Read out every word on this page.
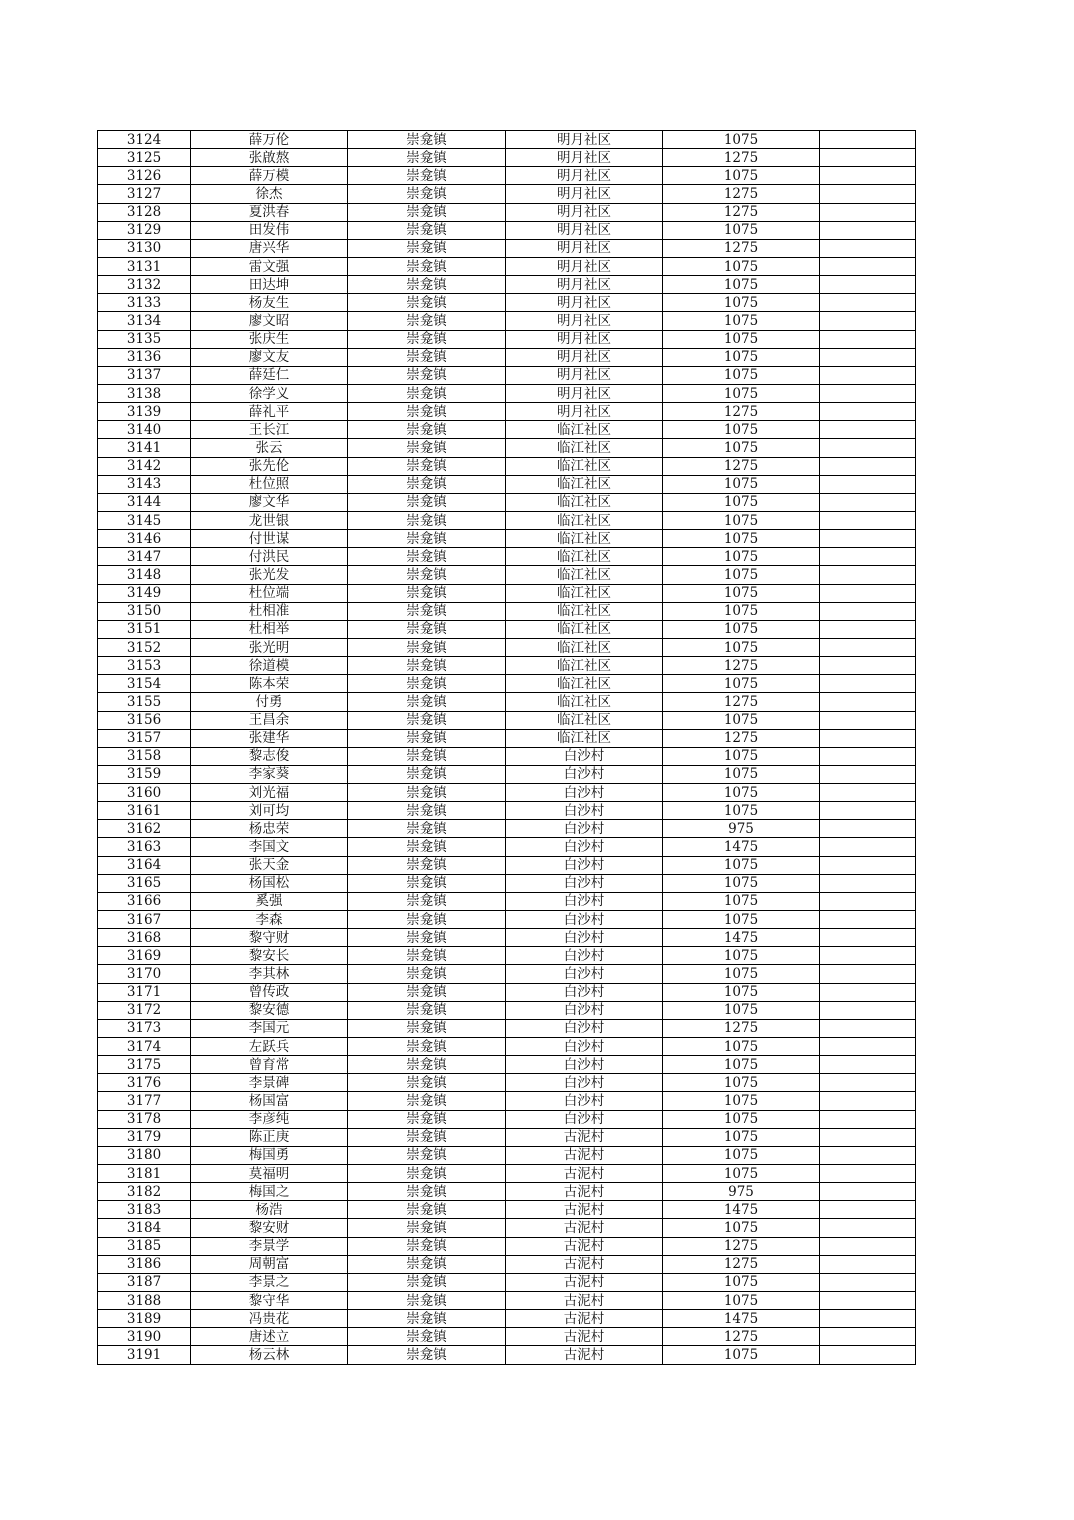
3124	薛万伦	崇龛镇	明月社区	1075	
3125	张啟熬	崇龛镇	明月社区	1275	
3126	薛万模	崇龛镇	明月社区	1075	
3127	徐杰	崇龛镇	明月社区	1275	
3128	夏洪春	崇龛镇	明月社区	1275	
3129	田发伟	崇龛镇	明月社区	1075	
3130	唐兴华	崇龛镇	明月社区	1275	
3131	雷文强	崇龛镇	明月社区	1075	
3132	田达坤	崇龛镇	明月社区	1075	
3133	杨友生	崇龛镇	明月社区	1075	
3134	廖文昭	崇龛镇	明月社区	1075	
3135	张庆生	崇龛镇	明月社区	1075	
3136	廖文友	崇龛镇	明月社区	1075	
3137	薛廷仁	崇龛镇	明月社区	1075	
3138	徐学义	崇龛镇	明月社区	1075	
3139	薛礼平	崇龛镇	明月社区	1275	
3140	王长江	崇龛镇	临江社区	1075	
3141	张云	崇龛镇	临江社区	1075	
3142	张先伦	崇龛镇	临江社区	1275	
3143	杜位照	崇龛镇	临江社区	1075	
3144	廖文华	崇龛镇	临江社区	1075	
3145	龙世银	崇龛镇	临江社区	1075	
3146	付世谋	崇龛镇	临江社区	1075	
3147	付洪民	崇龛镇	临江社区	1075	
3148	张光发	崇龛镇	临江社区	1075	
3149	杜位端	崇龛镇	临江社区	1075	
3150	杜相准	崇龛镇	临江社区	1075	
3151	杜相举	崇龛镇	临江社区	1075	
3152	张光明	崇龛镇	临江社区	1075	
3153	徐道模	崇龛镇	临江社区	1275	
3154	陈本荣	崇龛镇	临江社区	1075	
3155	付勇	崇龛镇	临江社区	1275	
3156	王昌余	崇龛镇	临江社区	1075	
3157	张建华	崇龛镇	临江社区	1275	
3158	黎志俊	崇龛镇	白沙村	1075	
3159	李家葵	崇龛镇	白沙村	1075	
3160	刘光福	崇龛镇	白沙村	1075	
3161	刘可均	崇龛镇	白沙村	1075	
3162	杨忠荣	崇龛镇	白沙村	975	
3163	李国文	崇龛镇	白沙村	1475	
3164	张天金	崇龛镇	白沙村	1075	
3165	杨国松	崇龛镇	白沙村	1075	
3166	奚强	崇龛镇	白沙村	1075	
3167	李森	崇龛镇	白沙村	1075	
3168	黎守财	崇龛镇	白沙村	1475	
3169	黎安长	崇龛镇	白沙村	1075	
3170	李其林	崇龛镇	白沙村	1075	
3171	曾传政	崇龛镇	白沙村	1075	
3172	黎安德	崇龛镇	白沙村	1075	
3173	李国元	崇龛镇	白沙村	1275	
3174	左跃兵	崇龛镇	白沙村	1075	
3175	曾育常	崇龛镇	白沙村	1075	
3176	李景碑	崇龛镇	白沙村	1075	
3177	杨国富	崇龛镇	白沙村	1075	
3178	李彦纯	崇龛镇	白沙村	1075	
3179	陈正庚	崇龛镇	古泥村	1075	
3180	梅国勇	崇龛镇	古泥村	1075	
3181	莫福明	崇龛镇	古泥村	1075	
3182	梅国之	崇龛镇	古泥村	975	
3183	杨浩	崇龛镇	古泥村	1475	
3184	黎安财	崇龛镇	古泥村	1075	
3185	李景学	崇龛镇	古泥村	1275	
3186	周朝富	崇龛镇	古泥村	1275	
3187	李景之	崇龛镇	古泥村	1075	
3188	黎守华	崇龛镇	古泥村	1075	
3189	冯贵花	崇龛镇	古泥村	1475	
3190	唐述立	崇龛镇	古泥村	1275	
3191	杨云林	崇龛镇	古泥村	1075	
